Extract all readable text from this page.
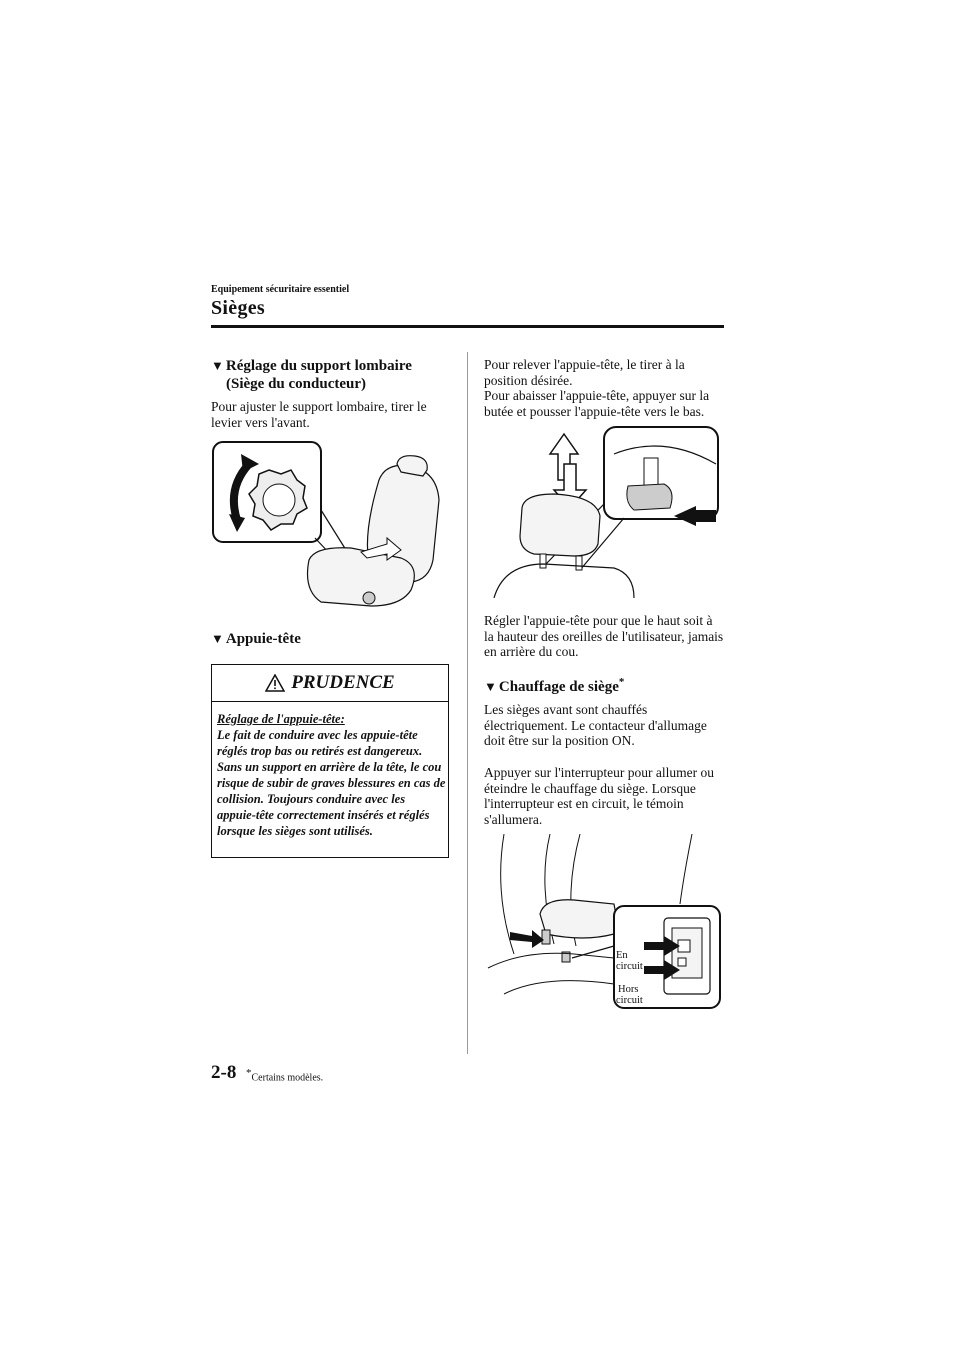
Equipement sécuritaire essentiel
Sièges
▼ Réglage du support lombaire
(Siège du conducteur)

Pour ajuster le support lombaire, tirer le levier vers l'avant.

▼ Appuie-tête
PRUDENCE
Réglage de l'appuie-tête:
Le fait de conduire avec les appuie-tête réglés trop bas ou retirés est dangereux. Sans un support en arrière de la tête, le cou risque de subir de graves blessures en cas de collision. Toujours conduire avec les appuie-tête correctement insérés et réglés lorsque les sièges sont utilisés.

Pour relever l'appuie-tête, le tirer à la position désirée.

Pour abaisser l'appuie-tête, appuyer sur la butée et pousser l'appuie-tête vers le bas.

Régler l'appuie-tête pour que le haut soit à la hauteur des oreilles de l'utilisateur, jamais en arrière du cou.

▼ Chauffage de siège*

Les sièges avant sont chauffés électriquement. Le contacteur d'allumage doit être sur la position ON.

Appuyer sur l'interrupteur pour allumer ou éteindre le chauffage du siège. Lorsque l'interrupteur est en circuit, le témoin s'allumera.

En
circuit
Hors
circuit
2-8 *Certains modèles.
